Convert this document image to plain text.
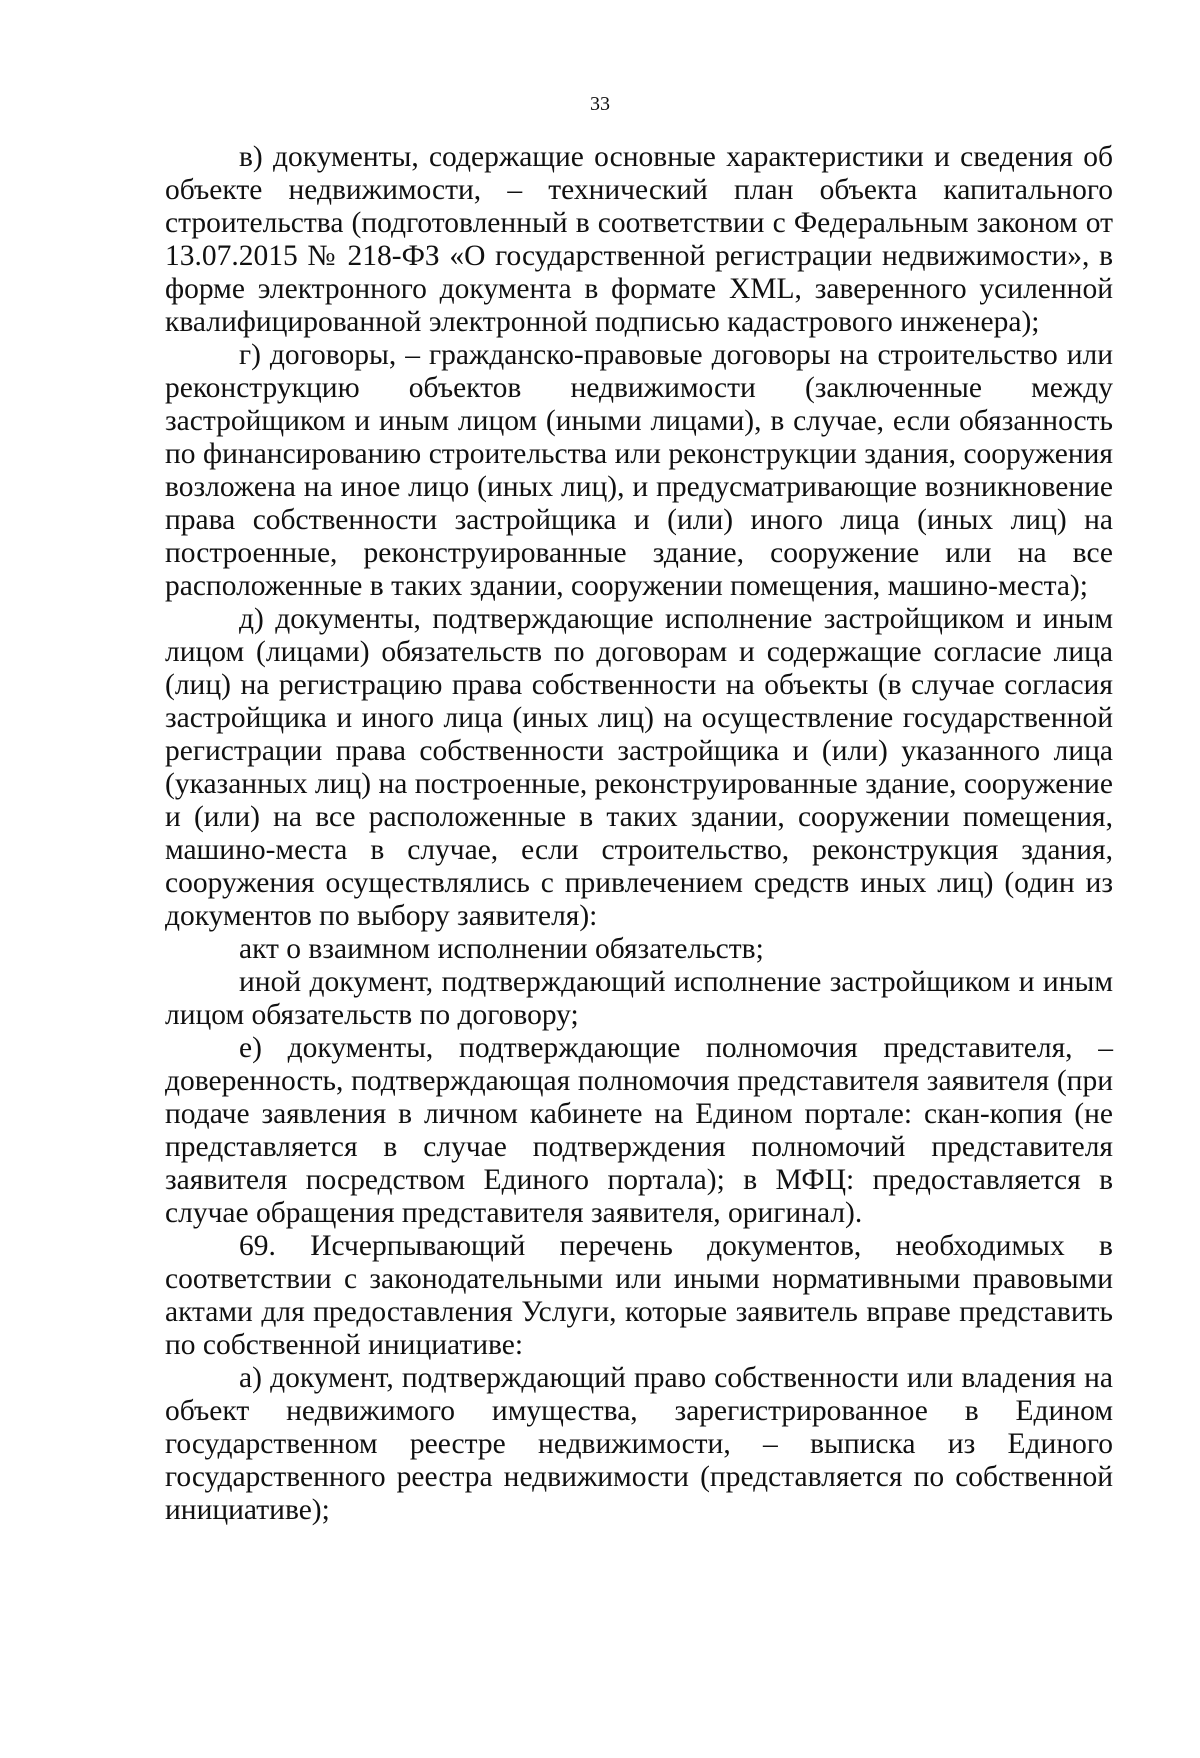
33

в) документы, содержащие основные характеристики и сведения об объекте недвижимости, – технический план объекта капитального строительства (подготовленный в соответствии с Федеральным законом от 13.07.2015 № 218-ФЗ «О государственной регистрации недвижимости», в форме электронного документа в формате XML, заверенного усиленной квалифицированной электронной подписью кадастрового инженера);

г) договоры, – гражданско-правовые договоры на строительство или реконструкцию объектов недвижимости (заключенные между застройщиком и иным лицом (иными лицами), в случае, если обязанность по финансированию строительства или реконструкции здания, сооружения возложена на иное лицо (иных лиц), и предусматривающие возникновение права собственности застройщика и (или) иного лица (иных лиц) на построенные, реконструированные здание, сооружение или на все расположенные в таких здании, сооружении помещения, машино-места);

д) документы, подтверждающие исполнение застройщиком и иным лицом (лицами) обязательств по договорам и содержащие согласие лица (лиц) на регистрацию права собственности на объекты (в случае согласия застройщика и иного лица (иных лиц) на осуществление государственной регистрации права собственности застройщика и (или) указанного лица (указанных лиц) на построенные, реконструированные здание, сооружение и (или) на все расположенные в таких здании, сооружении помещения, машино-места в случае, если строительство, реконструкция здания, сооружения осуществлялись с привлечением средств иных лиц) (один из документов по выбору заявителя):

акт о взаимном исполнении обязательств;

иной документ, подтверждающий исполнение застройщиком и иным лицом обязательств по договору;

е) документы, подтверждающие полномочия представителя, – доверенность, подтверждающая полномочия представителя заявителя (при подаче заявления в личном кабинете на Едином портале: скан-копия (не представляется в случае подтверждения полномочий представителя заявителя посредством Единого портала); в МФЦ: предоставляется в случае обращения представителя заявителя, оригинал).

69. Исчерпывающий перечень документов, необходимых в соответствии с законодательными или иными нормативными правовыми актами для предоставления Услуги, которые заявитель вправе представить по собственной инициативе:

а) документ, подтверждающий право собственности или владения на объект недвижимого имущества, зарегистрированное в Едином государственном реестре недвижимости, – выписка из Единого государственного реестра недвижимости (представляется по собственной инициативе);
